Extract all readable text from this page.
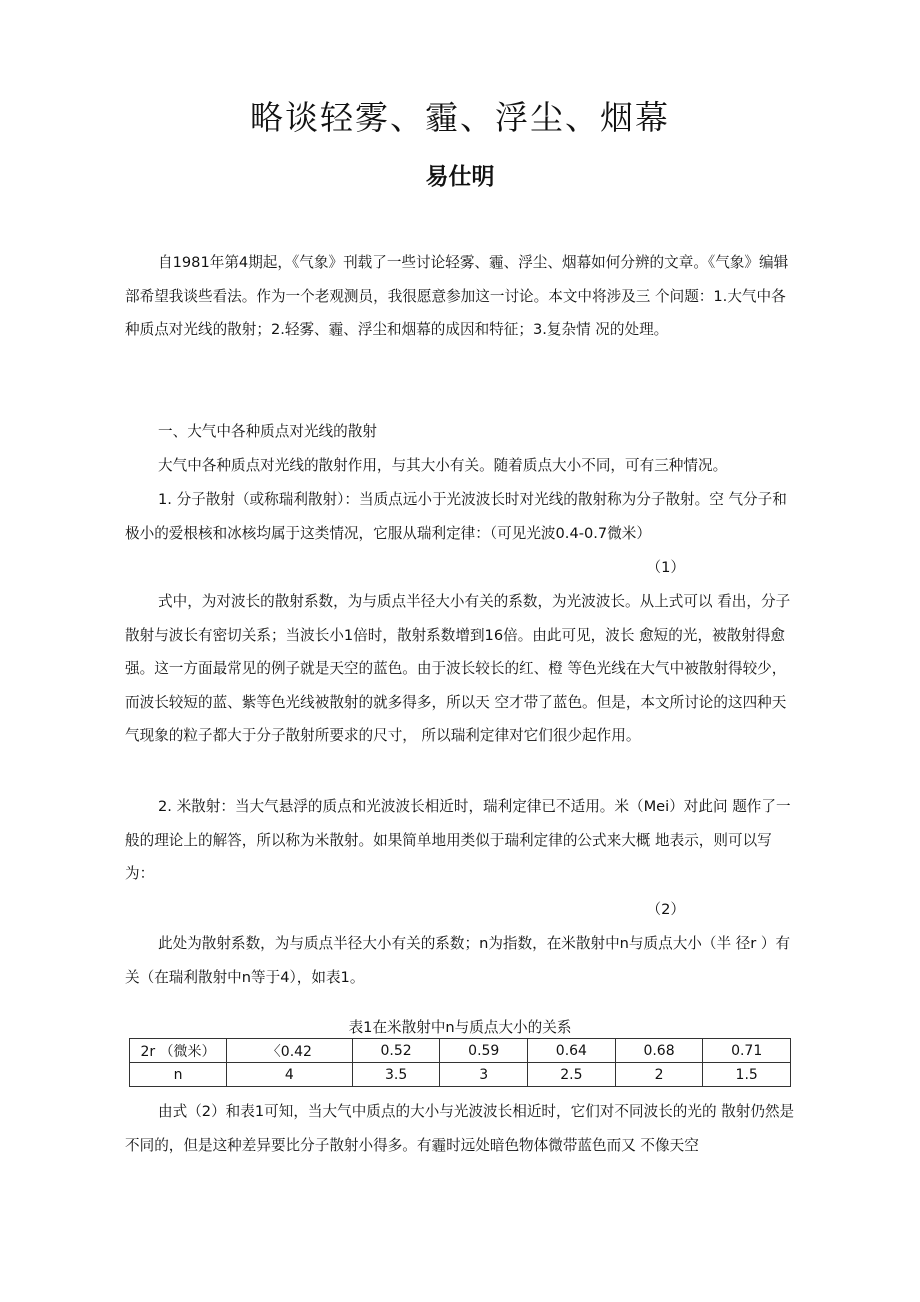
略谈轻雾、霾、浮尘、烟幕
易仕明

自1981年第4期起，《气象》刊载了一些讨论轻雾、霾、浮尘、烟幕如何分辨的文章。《气象》编辑部希望我谈些看法。作为一个老观测员，我很愿意参加这一讨论。本文中将涉及三 个问题：1.大气中各种质点对光线的散射；2.轻雾、霾、浮尘和烟幕的成因和特征；3.复杂情 况的处理。

一、大气中各种质点对光线的散射

大气中各种质点对光线的散射作用，与其大小有关。随着质点大小不同，可有三种情况。

1. 分子散射（或称瑞利散射）：当质点远小于光波波长时对光线的散射称为分子散射。空 气分子和极小的爱根核和冰核均属于这类情况，它服从瑞利定律：（可见光波0.4-0.7微米）

（1）

式中，为对波长的散射系数，为与质点半径大小有关的系数，为光波波长。从上式可以 看出，分子散射与波长有密切关系；当波长小1倍时，散射系数增到16倍。由此可见，波长 愈短的光，被散射得愈强。这一方面最常见的例子就是天空的蓝色。由于波长较长的红、橙 等色光线在大气中被散射得较少，而波长较短的蓝、紫等色光线被散射的就多得多，所以天 空才带了蓝色。但是，本文所讨论的这四种天气现象的粒子都大于分子散射所要求的尺寸， 所以瑞利定律对它们很少起作用。

2. 米散射：当大气悬浮的质点和光波波长相近时，瑞利定律已不适用。米（Mei）对此问 题作了一般的理论上的解答，所以称为米散射。如果简单地用类似于瑞利定律的公式来大概 地表示，则可以写为：

（2）

此处为散射系数，为与质点半径大小有关的系数；n为指数，在米散射中n与质点大小（半 径r ）有关（在瑞利散射中n等于4），如表1。

表1在米散射中n与质点大小的关系

2r （微米）	〈0.42	0.52	0.59	0.64	0.68	0.71
n	4	3.5	3	2.5	2	1.5

由式（2）和表1可知，当大气中质点的大小与光波波长相近时，它们对不同波长的光的 散射仍然是不同的，但是这种差异要比分子散射小得多。有霾时远处暗色物体微带蓝色而又 不像天空
